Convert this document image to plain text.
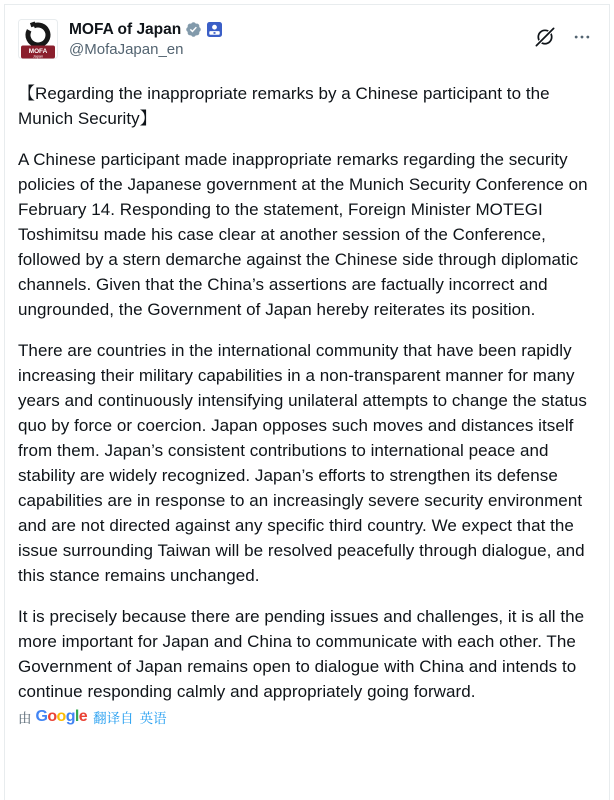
MOFA
Japan
MOFA of Japan
@MofaJapan_en

【Regarding the inappropriate remarks by a Chinese participant to the Munich Security】

A Chinese participant made inappropriate remarks regarding the security policies of the Japanese government at the Munich Security Conference on February 14. Responding to the statement, Foreign Minister MOTEGI Toshimitsu made his case clear at another session of the Conference, followed by a stern demarche against the Chinese side through diplomatic channels. Given that the China’s assertions are factually incorrect and ungrounded, the Government of Japan hereby reiterates its position.

There are countries in the international community that have been rapidly increasing their military capabilities in a non-transparent manner for many years and continuously intensifying unilateral attempts to change the status quo by force or coercion. Japan opposes such moves and distances itself from them. Japan’s consistent contributions to international peace and stability are widely recognized. Japan’s efforts to strengthen its defense capabilities are in response to an increasingly severe security environment and are not directed against any specific third country. We expect that the issue surrounding Taiwan will be resolved peacefully through dialogue, and this stance remains unchanged.

It is precisely because there are pending issues and challenges, it is all the more important for Japan and China to communicate with each other. The Government of Japan remains open to dialogue with China and intends to continue responding calmly and appropriately going forward.

由 Google 翻译自 英语
